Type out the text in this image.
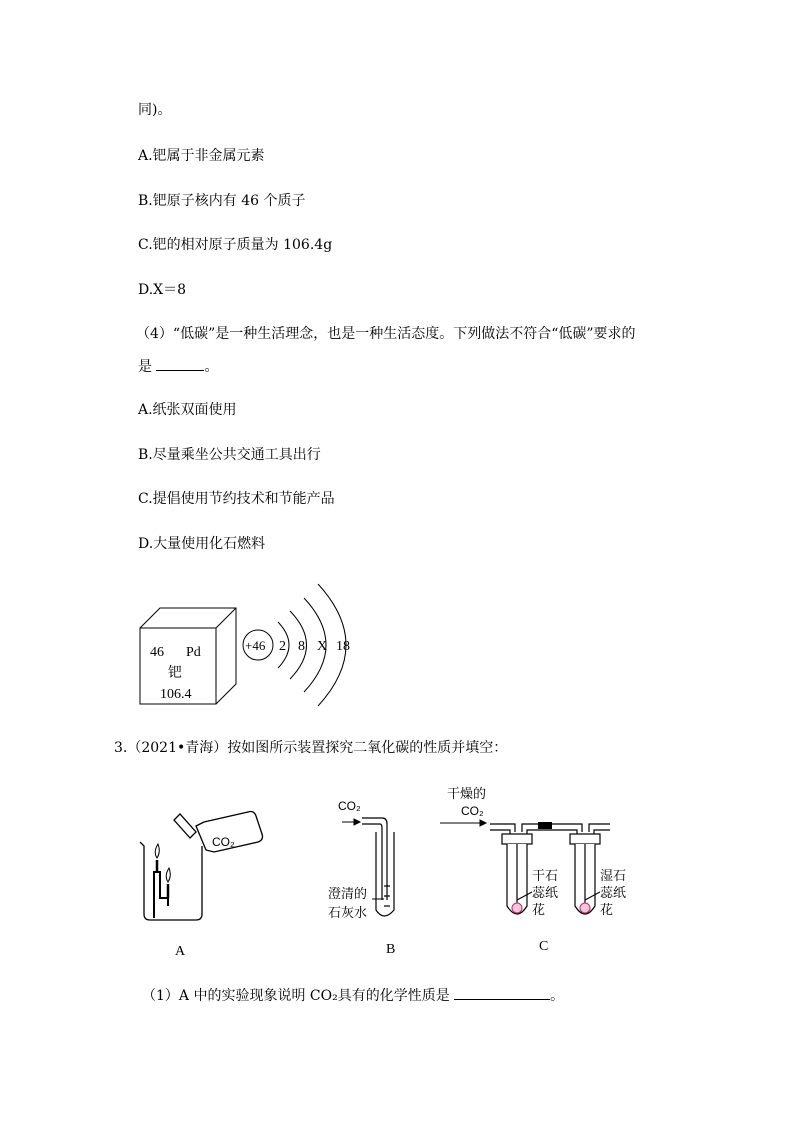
同)。
A.钯属于非金属元素
B.钯原子核内有 46 个质子
C.钯的相对原子质量为 106.4g
D.X＝8
（4）“低碳”是一种生活理念，也是一种生活态度。下列做法不符合“低碳”要求的
是	。
A.纸张双面使用
B.尽量乘坐公共交通工具出行
C.提倡使用节约技术和节能产品
D.大量使用化石燃料
46 Pd
钯
106.4
+46 2 8 X 18
3.（2021•青海）按如图所示装置探究二氧化碳的性质并填空：
CO₂
A
CO₂
澄清的
石灰水
B
干燥的
CO₂
干石
蕊纸
花
湿石
蕊纸
花
C
（1）A 中的实验现象说明 CO₂具有的化学性质是	。
